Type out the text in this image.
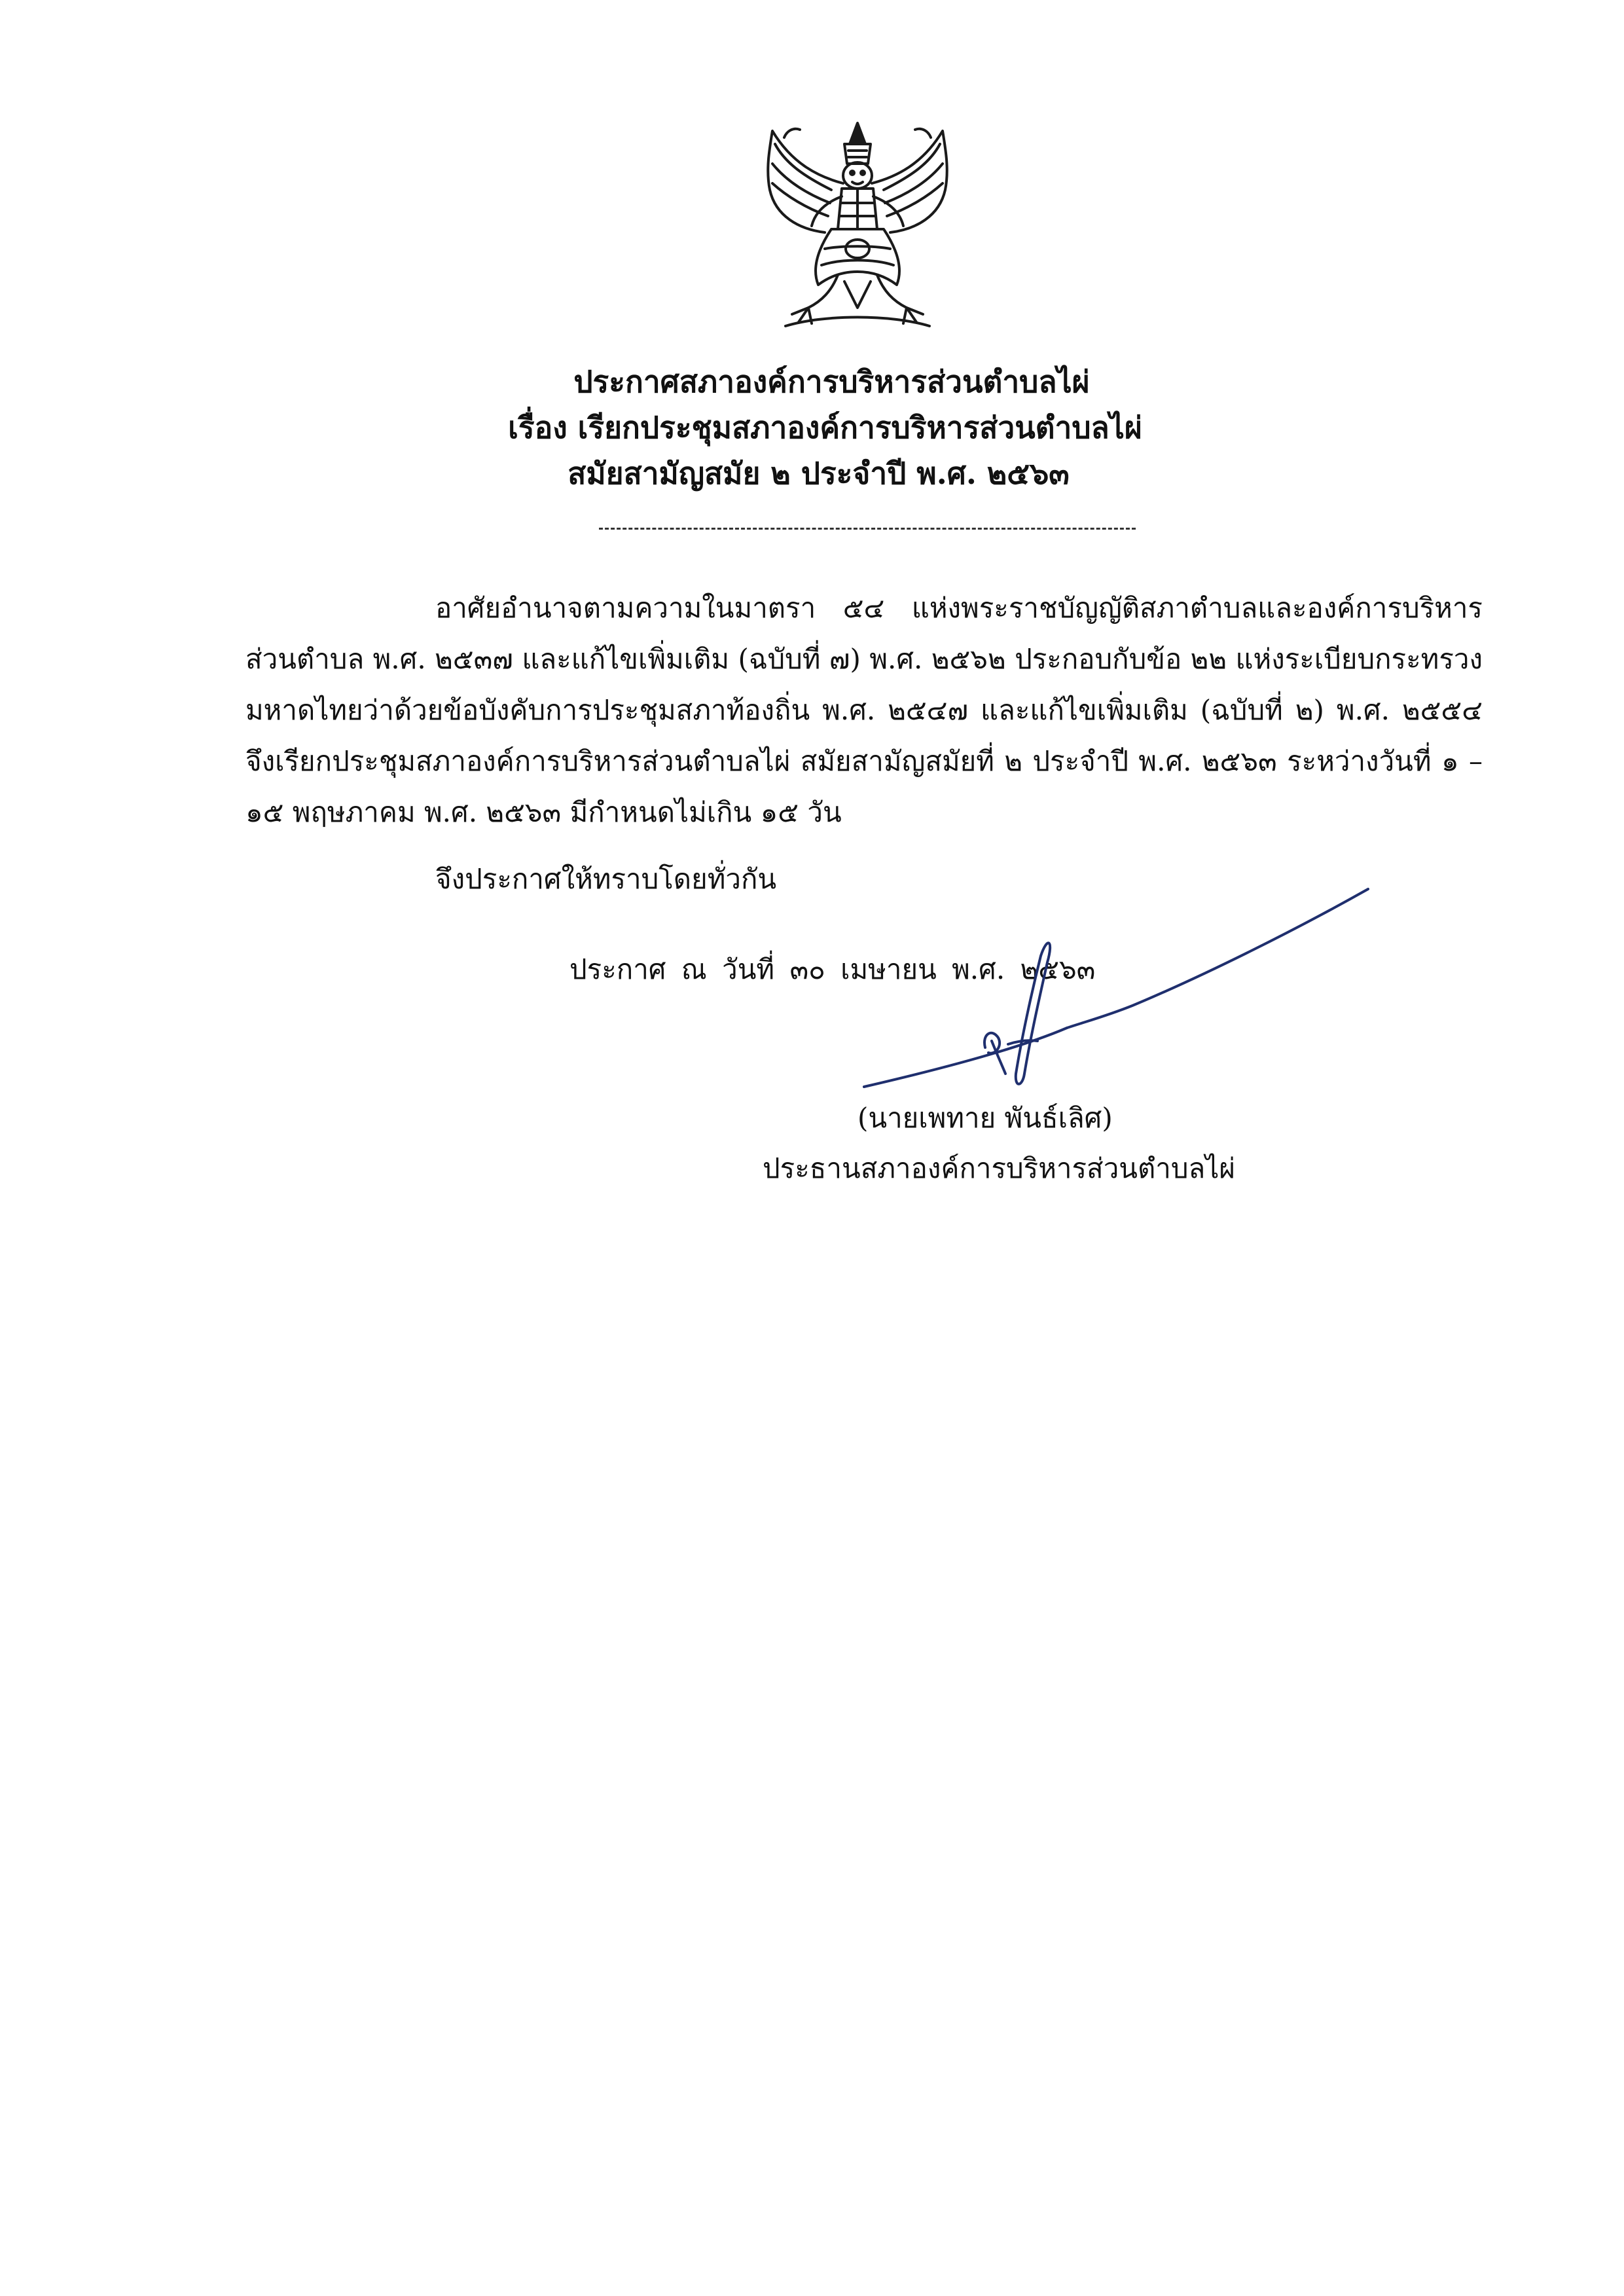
ประกาศสภาองค์การบริหารส่วนตำบลไผ่
เรื่อง เรียกประชุมสภาองค์การบริหารส่วนตำบลไผ่
สมัยสามัญสมัย ๒ ประจำปี พ.ศ. ๒๕๖๓

อาศัยอำนาจตามความในมาตรา ๕๔ แห่งพระราชบัญญัติสภาตำบลและองค์การบริหารส่วนตำบล พ.ศ. ๒๕๓๗ และแก้ไขเพิ่มเติม (ฉบับที่ ๗) พ.ศ. ๒๕๖๒ ประกอบกับข้อ ๒๒ แห่งระเบียบกระทรวงมหาดไทยว่าด้วยข้อบังคับการประชุมสภาท้องถิ่น พ.ศ. ๒๕๔๗ และแก้ไขเพิ่มเติม (ฉบับที่ ๒) พ.ศ. ๒๕๕๔ จึงเรียกประชุมสภาองค์การบริหารส่วนตำบลไผ่ สมัยสามัญสมัยที่ ๒ ประจำปี พ.ศ. ๒๕๖๓ ระหว่างวันที่ ๑ – ๑๕ พฤษภาคม พ.ศ. ๒๕๖๓ มีกำหนดไม่เกิน ๑๕ วัน

จึงประกาศให้ทราบโดยทั่วกัน
ประกาศ ณ วันที่ ๓๐ เมษายน พ.ศ. ๒๕๖๓
(นายเพทาย พันธ์เลิศ)
ประธานสภาองค์การบริหารส่วนตำบลไผ่
